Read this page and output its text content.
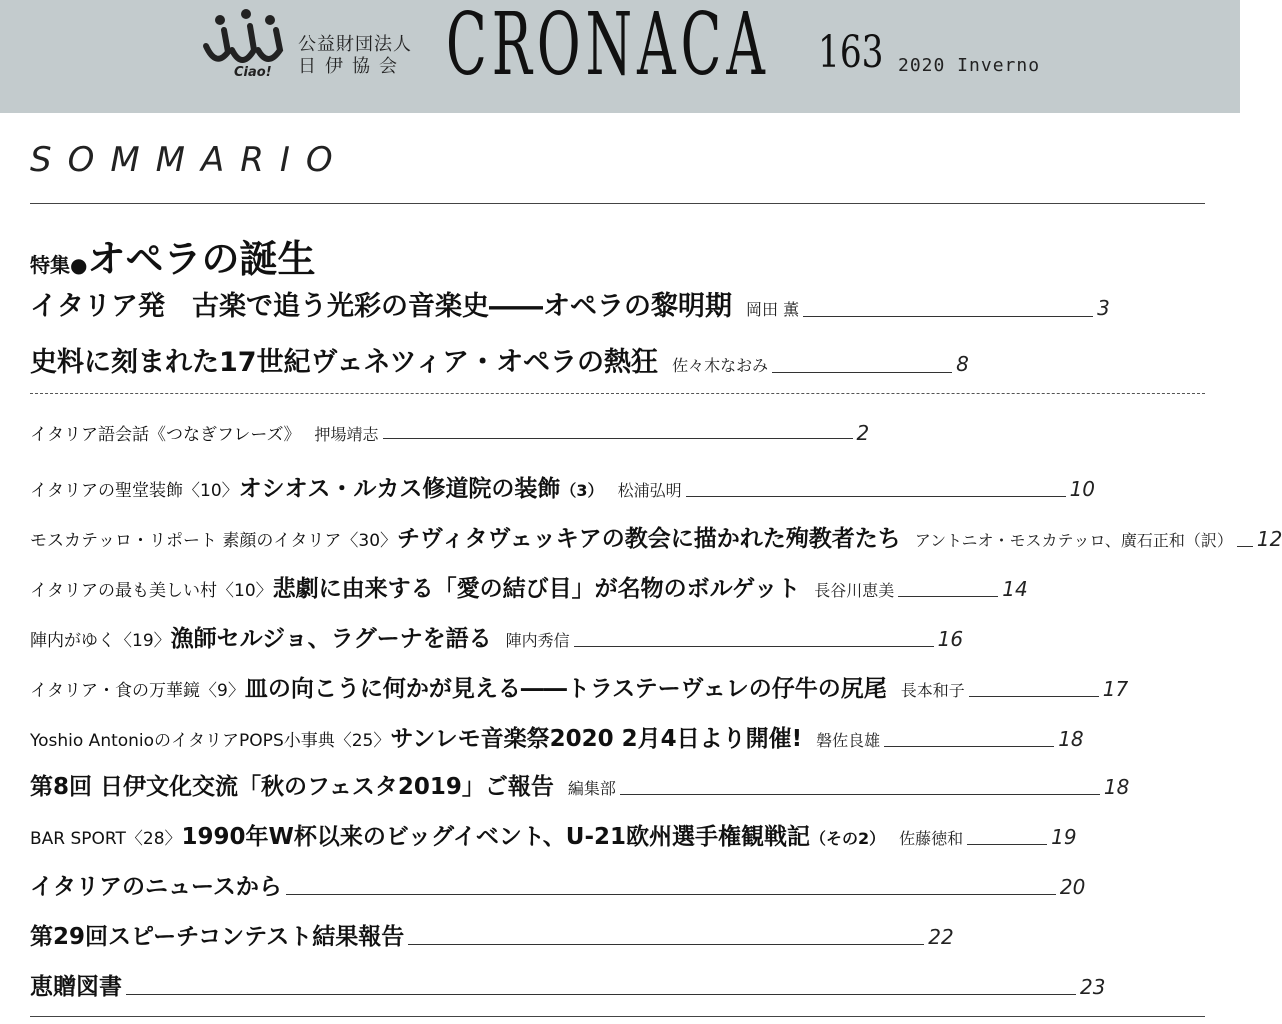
Ciao!
公益財団法人
日伊協会 CRONACA 163 2020 Inverno
SOMMARIO
特集●オペラの誕生
イタリア発　古楽で追う光彩の音楽史――オペラの黎明期 岡田 薫	3
史料に刻まれた17世紀ヴェネツィア・オペラの熱狂 佐々木なおみ	8
イタリア語会話《つなぎフレーズ》 押場靖志	2
イタリアの聖堂装飾〈10〉 オシオス・ルカス修道院の装飾 （3） 松浦弘明	10
モスカテッロ・リポート 素顔のイタリア〈30〉 チヴィタヴェッキアの教会に描かれた殉教者たち アントニオ・モスカテッロ、廣石正和（訳） 12
イタリアの最も美しい村〈10〉 悲劇に由来する「愛の結び目」が名物のボルゲット 長谷川恵美	14
陣内がゆく〈19〉 漁師セルジョ、ラグーナを語る 陣内秀信	16
イタリア・食の万華鏡〈9〉 皿の向こうに何かが見える――トラステーヴェレの仔牛の尻尾 長本和子	17
Yoshio AntonioのイタリアPOPS小事典〈25〉 サンレモ音楽祭2020 2月4日より開催! 磐佐良雄	18
第8回 日伊文化交流「秋のフェスタ2019」ご報告 編集部	18
BAR SPORT〈28〉 1990年W杯以来のビッグイベント、U-21欧州選手権観戦記 （その2） 佐藤徳和	19
イタリアのニュースから	20
第29回スピーチコンテスト結果報告	22
恵贈図書	23
